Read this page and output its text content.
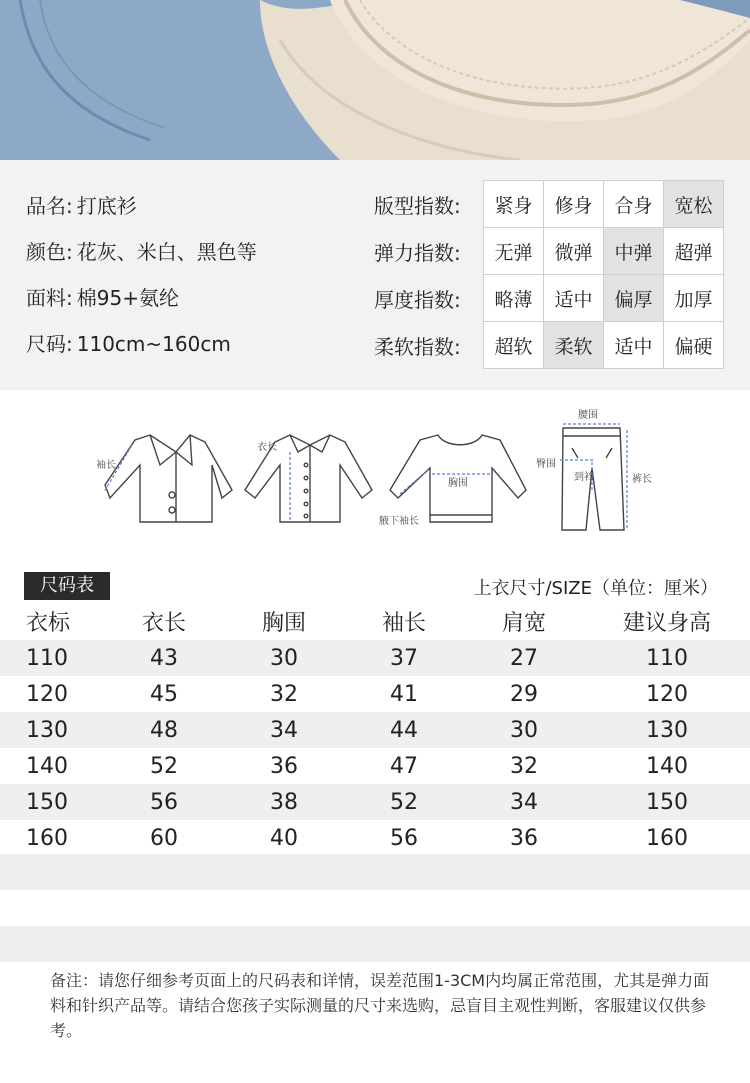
品名: 打底衫
颜色: 花灰、米白、黑色等
面料: 棉95+氨纶
尺码: 110cm~160cm
版型指数:	紧身	修身	合身	宽松
弹力指数:	无弹	微弹	中弹	超弹
厚度指数:	略薄	适中	偏厚	加厚
柔软指数:	超软	柔软	适中	偏硬
袖长
衣长
胸围
腋下袖长
腰围
臀围
到裆	裤长
尺码表	上衣尺寸/SIZE（单位：厘米）
衣标	衣长	胸围	袖长	肩宽	建议身高
110	43	30	37	27	110
120	45	32	41	29	120
130	48	34	44	30	130
140	52	36	47	32	140
150	56	38	52	34	150
160	60	40	56	36	160
备注：请您仔细参考页面上的尺码表和详情，误差范围1-3CM内均属正常范围，尤其是弹力面料和针织产品等。请结合您孩子实际测量的尺寸来选购，忌盲目主观性判断，客服建议仅供参考。
